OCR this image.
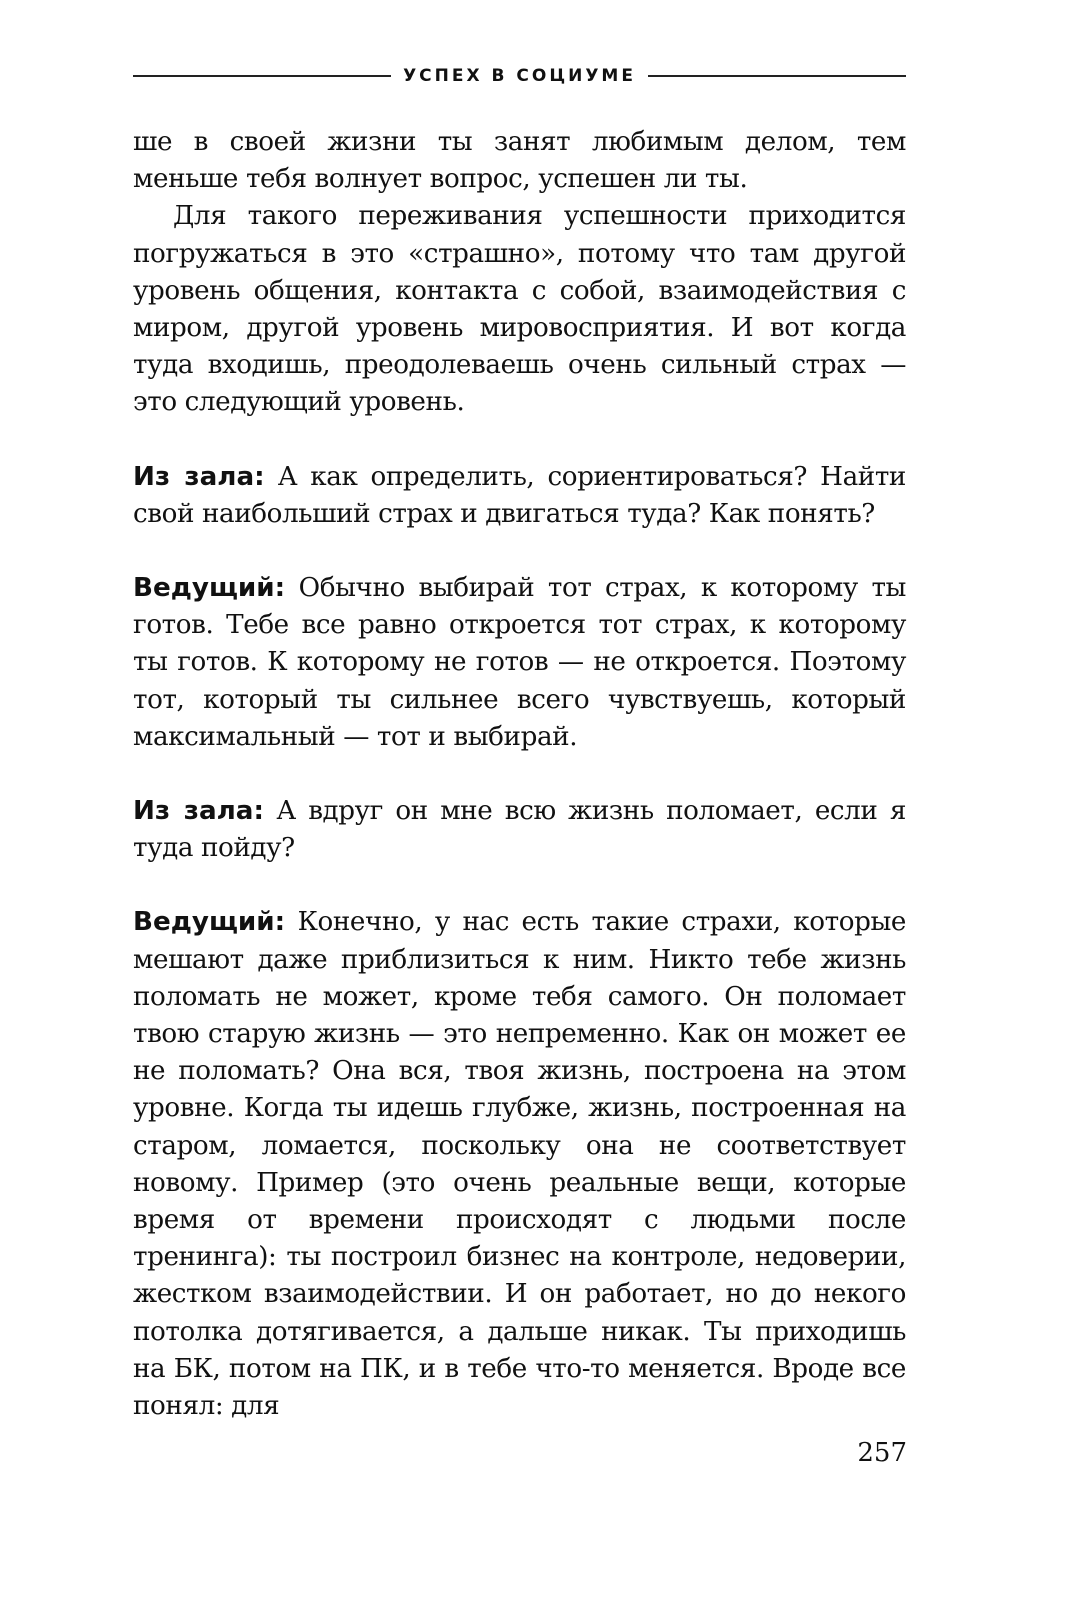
УСПЕХ В СОЦИУМЕ

ше в своей жизни ты занят любимым делом, тем меньше тебя волнует вопрос, успешен ли ты.

Для такого переживания успешности приходится погружаться в это «страшно», потому что там другой уровень общения, контакта с собой, взаимодействия с миром, другой уровень мировосприятия. И вот когда туда входишь, преодолеваешь очень сильный страх — это следующий уровень.

Из зала: А как определить, сориентироваться? Найти свой наибольший страх и двигаться туда? Как понять?

Ведущий: Обычно выбирай тот страх, к которому ты готов. Тебе все равно откроется тот страх, к которому ты готов. К которому не готов — не откроется. Поэтому тот, который ты сильнее всего чувствуешь, который максимальный — тот и выбирай.

Из зала: А вдруг он мне всю жизнь поломает, если я туда пойду?

Ведущий: Конечно, у нас есть такие страхи, которые мешают даже приблизиться к ним. Никто тебе жизнь поломать не может, кроме тебя самого. Он поломает твою старую жизнь — это непременно. Как он может ее не поломать? Она вся, твоя жизнь, построена на этом уровне. Когда ты идешь глубже, жизнь, построенная на старом, ломается, поскольку она не соответствует новому. Пример (это очень реальные вещи, которые время от времени происходят с людьми после тренинга): ты построил бизнес на контроле, недоверии, жестком взаимодействии. И он работает, но до некого потолка дотягивается, а дальше никак. Ты приходишь на БК, потом на ПК, и в тебе что-то меняется. Вроде все понял: для

257
